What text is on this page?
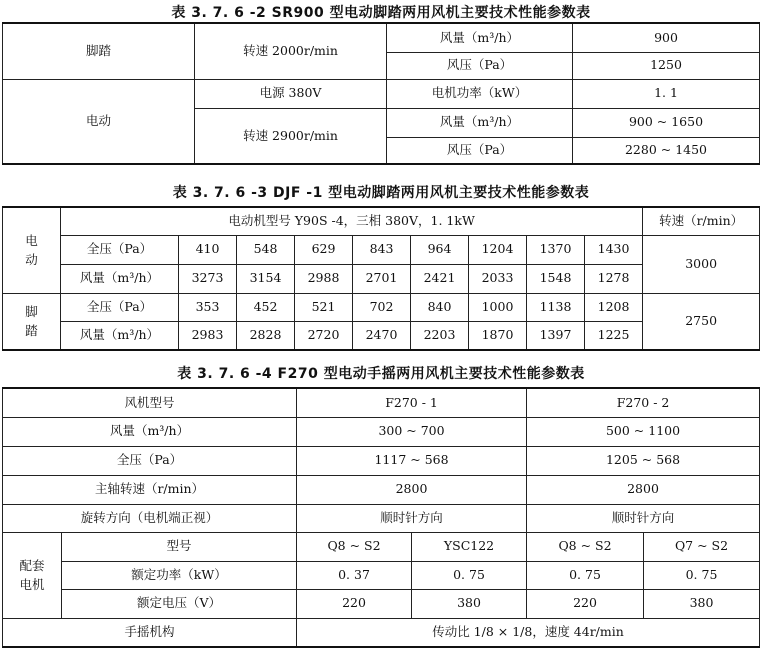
表 3. 7. 6 -2 SR900 型电动脚踏两用风机主要技术性能参数表
脚踏	转速 2000r/min	风量（m³/h）	900
		风压（Pa）	1250
电动	电源 380V	电机功率（kW）	1. 1
	转速 2900r/min	风量（m³/h）	900 ~ 1650
		风压（Pa）	2280 ~ 1450
表 3. 7. 6 -3 DJF -1 型电动脚踏两用风机主要技术性能参数表
电动	电动机型号 Y90S -4，三相 380V，1. 1kW									转速（r/min）
	全压（Pa）	410	548	629	843	964	1204	1370	1430	3000
	风量（m³/h）	3273	3154	2988	2701	2421	2033	1548	1278	
脚踏	全压（Pa）	353	452	521	702	840	1000	1138	1208	2750
	风量（m³/h）	2983	2828	2720	2470	2203	1870	1397	1225	
表 3. 7. 6 -4 F270 型电动手摇两用风机主要技术性能参数表
风机型号		F270 - 1		F270 - 2	
风量（m³/h）		300 ~ 700		500 ~ 1100	
全压（Pa）		1117 ~ 568		1205 ~ 568	
主轴转速（r/min）		2800		2800	
旋转方向（电机端正视）		顺时针方向		顺时针方向	
配套电机	型号	Q8 ~ S2	YSC122	Q8 ~ S2	Q7 ~ S2
	额定功率（kW）	0. 37	0. 75	0. 75	0. 75
	额定电压（V）	220	380	220	380
手摇机构		传动比 1/8 × 1/8，速度 44r/min			
